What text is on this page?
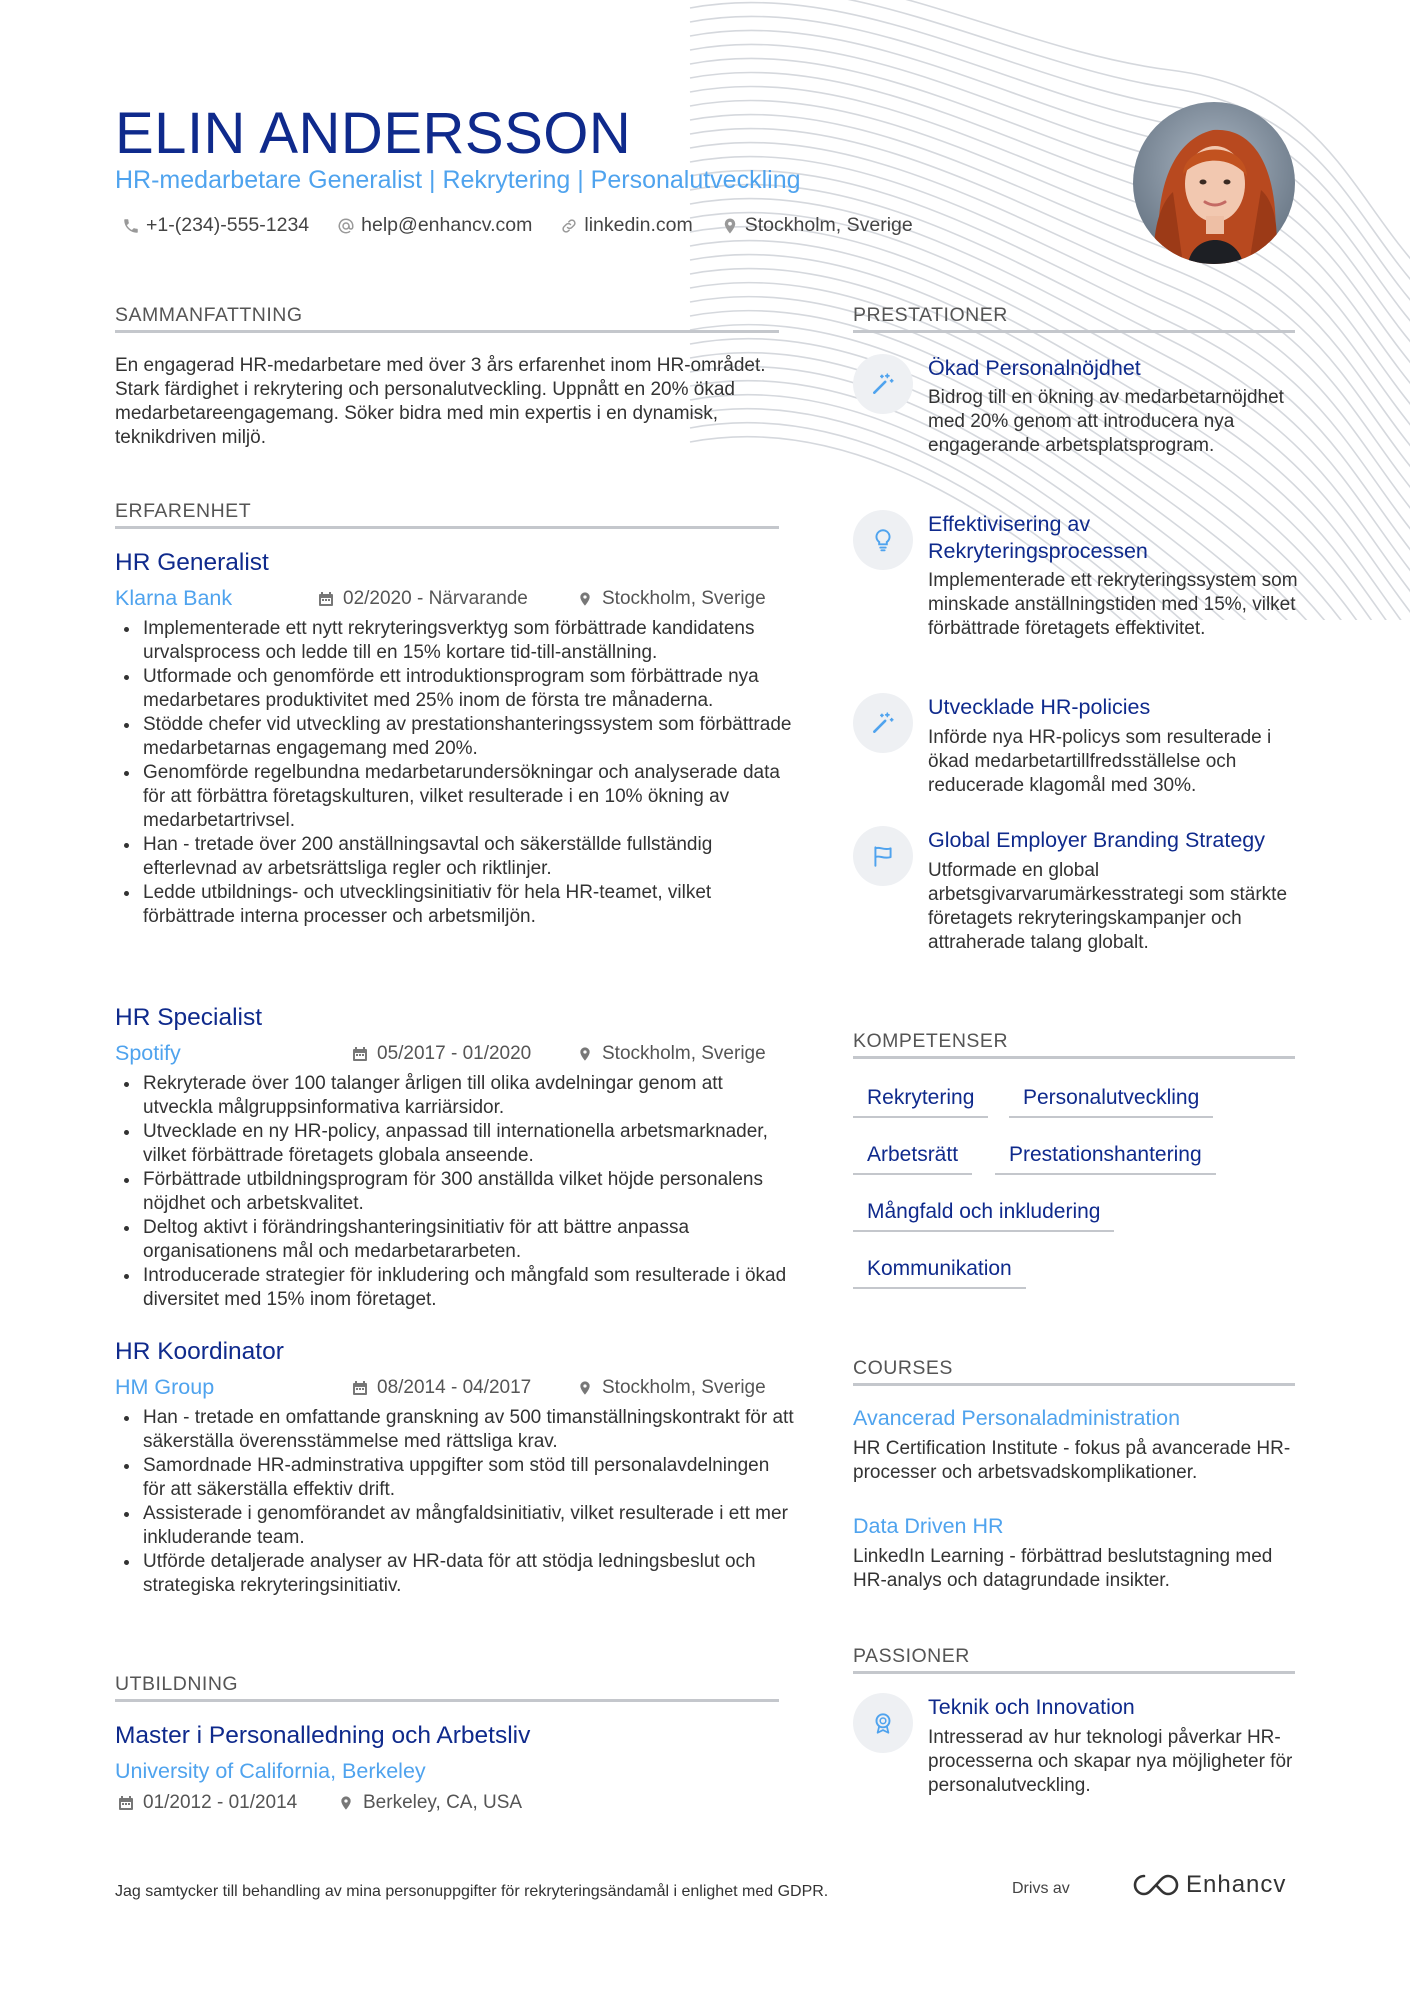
ELIN ANDERSSON
HR-medarbetare Generalist | Rekrytering | Personalutveckling
+1-(234)-555-1234	help@enhancv.com	linkedin.com	Stockholm, Sverige
SAMMANFATTNING
En engagerad HR-medarbetare med över 3 års erfarenhet inom HR-området. Stark färdighet i rekrytering och personalutveckling. Uppnått en 20% ökad medarbetareengagemang. Söker bidra med min expertis i en dynamisk, teknikdriven miljö.
ERFARENHET
HR Generalist
Klarna Bank	02/2020 - Närvarande	Stockholm, Sverige
Implementerade ett nytt rekryteringsverktyg som förbättrade kandidatens urvalsprocess och ledde till en 15% kortare tid-till-anställning.
Utformade och genomförde ett introduktionsprogram som förbättrade nya medarbetares produktivitet med 25% inom de första tre månaderna.
Stödde chefer vid utveckling av prestationshanteringssystem som förbättrade medarbetarnas engagemang med 20%.
Genomförde regelbundna medarbetarundersökningar och analyserade data för att förbättra företagskulturen, vilket resulterade i en 10% ökning av medarbetartrivsel.
Han - tretade över 200 anställningsavtal och säkerställde fullständig efterlevnad av arbetsrättsliga regler och riktlinjer.
Ledde utbildnings- och utvecklingsinitiativ för hela HR-teamet, vilket förbättrade interna processer och arbetsmiljön.
HR Specialist
Spotify	05/2017 - 01/2020	Stockholm, Sverige
Rekryterade över 100 talanger årligen till olika avdelningar genom att utveckla målgruppsinformativa karriärsidor.
Utvecklade en ny HR-policy, anpassad till internationella arbetsmarknader, vilket förbättrade företagets globala anseende.
Förbättrade utbildningsprogram för 300 anställda vilket höjde personalens nöjdhet och arbetskvalitet.
Deltog aktivt i förändringshanteringsinitiativ för att bättre anpassa organisationens mål och medarbetararbeten.
Introducerade strategier för inkludering och mångfald som resulterade i ökad diversitet med 15% inom företaget.
HR Koordinator
HM Group	08/2014 - 04/2017	Stockholm, Sverige
Han - tretade en omfattande granskning av 500 timanställningskontrakt för att säkerställa överensstämmelse med rättsliga krav.
Samordnade HR-adminstrativa uppgifter som stöd till personalavdelningen för att säkerställa effektiv drift.
Assisterade i genomförandet av mångfaldsinitiativ, vilket resulterade i ett mer inkluderande team.
Utförde detaljerade analyser av HR-data för att stödja ledningsbeslut och strategiska rekryteringsinitiativ.
UTBILDNING
Master i Personalledning och Arbetsliv
University of California, Berkeley
01/2012 - 01/2014	Berkeley, CA, USA
PRESTATIONER
Ökad Personalnöjdhet
Bidrog till en ökning av medarbetarnöjdhet med 20% genom att introducera nya engagerande arbetsplatsprogram.
Effektivisering av Rekryteringsprocessen
Implementerade ett rekryteringssystem som minskade anställningstiden med 15%, vilket förbättrade företagets effektivitet.
Utvecklade HR-policies
Införde nya HR-policys som resulterade i ökad medarbetartillfredsställelse och reducerade klagomål med 30%.
Global Employer Branding Strategy
Utformade en global arbetsgivarvarumärkesstrategi som stärkte företagets rekryteringskampanjer och attraherade talang globalt.
KOMPETENSER
Rekrytering	Personalutveckling
Arbetsrätt	Prestationshantering
Mångfald och inkludering
Kommunikation
COURSES
Avancerad Personaladministration
HR Certification Institute - fokus på avancerade HR-processer och arbetsvadskomplikationer.
Data Driven HR
LinkedIn Learning - förbättrad beslutstagning med HR-analys och datagrundade insikter.
PASSIONER
Teknik och Innovation
Intresserad av hur teknologi påverkar HR-processerna och skapar nya möjligheter för personalutveckling.
Jag samtycker till behandling av mina personuppgifter för rekryteringsändamål i enlighet med GDPR.	Drivs av	Enhancv
